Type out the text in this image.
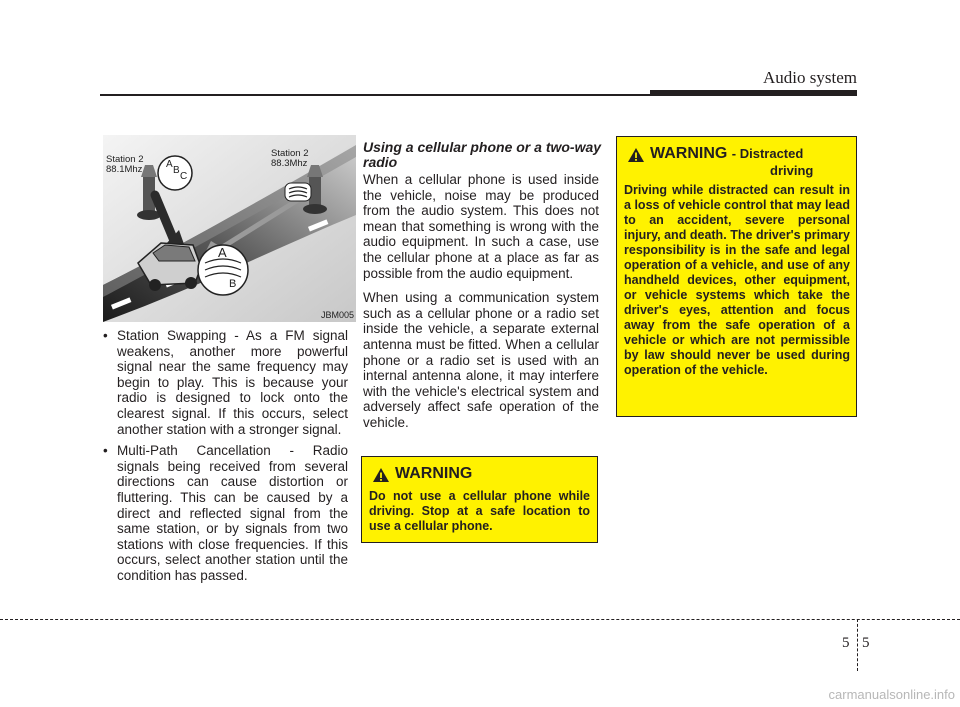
Audio system
A
B
C
A
B
Station 2
88.1Mhz
Station 2
88.3Mhz
JBM005
• Station Swapping - As a FM signal weakens, another more powerful signal near the same frequency may begin to play. This is because your radio is designed to lock onto the clearest signal. If this occurs, select another station with a stronger signal.
• Multi-Path Cancellation - Radio signals being received from several directions can cause distortion or fluttering. This can be caused by a direct and reflected signal from the same station, or by signals from two stations with close frequencies. If this occurs, select another station until the condition has passed.
Using a cellular phone or a two-way radio

When a cellular phone is used inside the vehicle, noise may be produced from the audio system. This does not mean that something is wrong with the audio equipment. In such a case, use the cellular phone at a place as far as possible from the audio equipment.

When using a communication system such as a cellular phone or a radio set inside the vehicle, a separate external antenna must be fitted. When a cellular phone or a radio set is used with an internal antenna alone, it may interfere with the vehicle's electrical system and adversely affect safe operation of the vehicle.

WARNING
Do not use a cellular phone while driving. Stop at a safe location to use a cellular phone.
WARNING - Distracted
driving
Driving while distracted can result in a loss of vehicle control that may lead to an accident, severe personal injury, and death. The driver's primary responsibility is in the safe and legal operation of a vehicle, and use of any handheld devices, other equipment, or vehicle systems which take the driver's eyes, attention and focus away from the safe operation of a vehicle or which are not permissible by law should never be used during operation of the vehicle.
5 5
carmanualsonline.info
